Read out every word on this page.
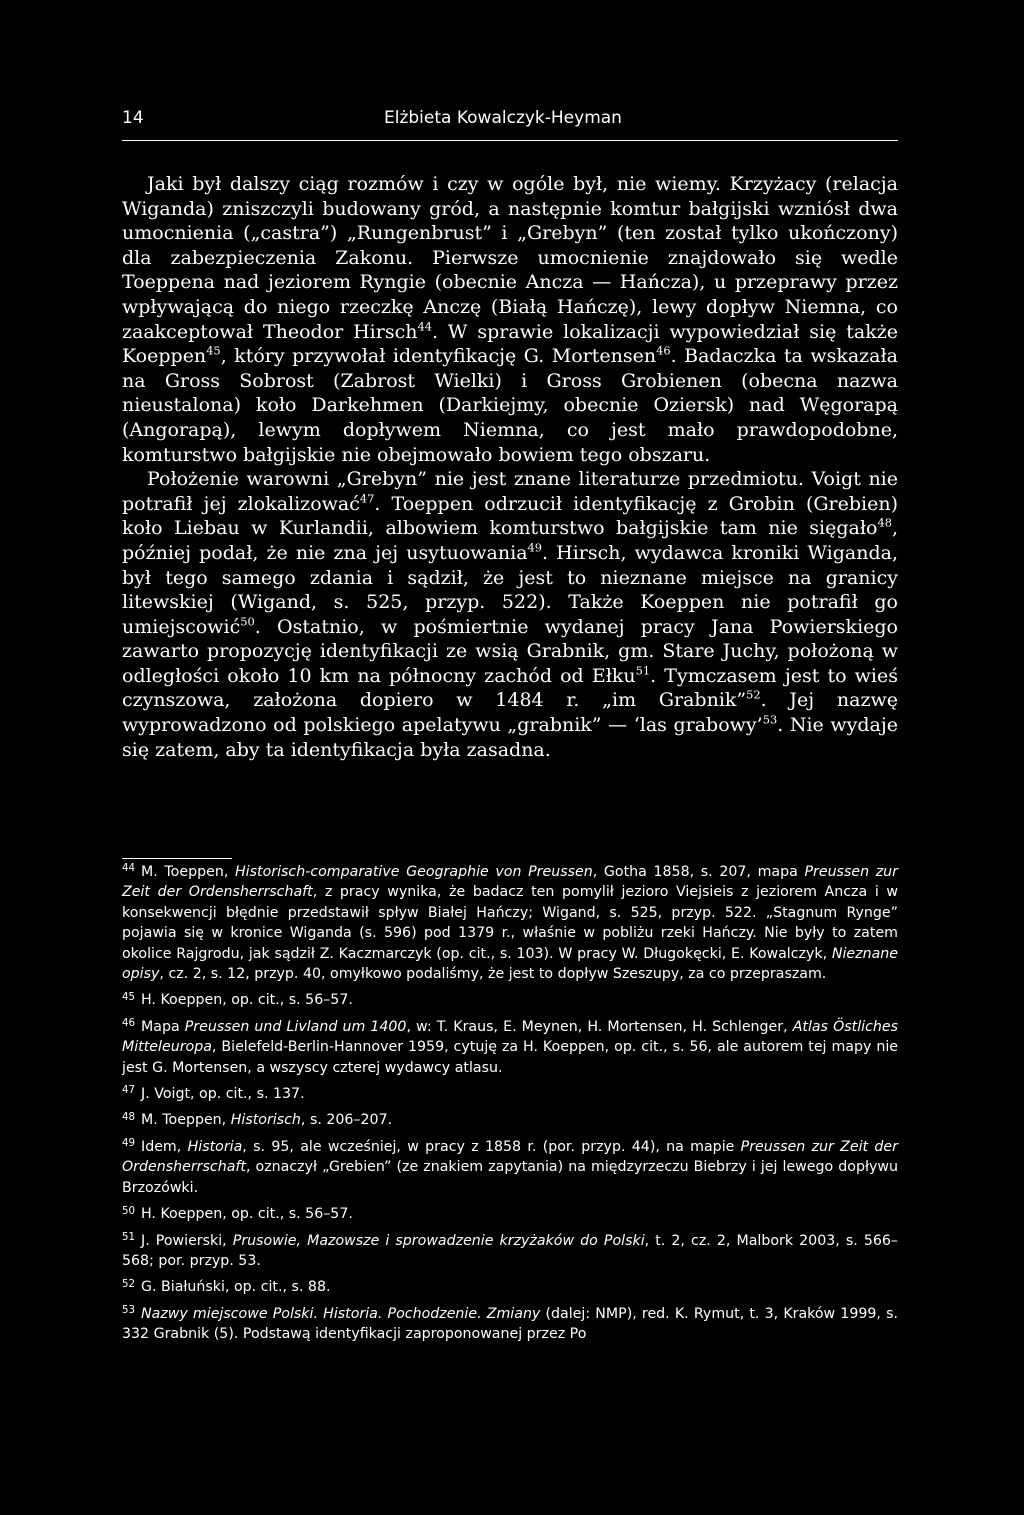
14	Elżbieta Kowalczyk-Heyman

Jaki był dalszy ciąg rozmów i czy w ogóle był, nie wiemy. Krzyżacy (relacja Wiganda) zniszczyli budowany gród, a następnie komtur bałgijski wzniósł dwa umocnienia („castra”) „Rungenbrust” i „Grebyn” (ten został tylko ukończony) dla zabezpieczenia Zakonu. Pierwsze umocnienie znajdowało się wedle Toeppena nad jeziorem Ryngie (obecnie Ancza — Hańcza), u przeprawy przez wpływającą do niego rzeczkę Anczę (Białą Hańczę), lewy dopływ Niemna, co zaakceptował Theodor Hirsch$^{44}$. W sprawie lokalizacji wypowiedział się także Koeppen$^{45}$, który przywołał identyfikację G. Mortensen$^{46}$. Badaczka ta wskazała na Gross Sobrost (Zabrost Wielki) i Gross Grobienen (obecna nazwa nieustalona) koło Darkehmen (Darkiejmy, obecnie Oziersk) nad Węgorapą (Angorapą), lewym dopływem Niemna, co jest mało prawdopodobne, komturstwo bałgijskie nie obejmowało bowiem tego obszaru.

Położenie warowni „Grebyn” nie jest znane literaturze przedmiotu. Voigt nie potrafił jej zlokalizować$^{47}$. Toeppen odrzucił identyfikację z Grobin (Grebien) koło Liebau w Kurlandii, albowiem komturstwo bałgijskie tam nie sięgało$^{48}$, później podał, że nie zna jej usytuowania$^{49}$. Hirsch, wydawca kroniki Wiganda, był tego samego zdania i sądził, że jest to nieznane miejsce na granicy litewskiej (Wigand, s. 525, przyp. 522). Także Koeppen nie potrafił go umiejscowić$^{50}$. Ostatnio, w pośmiertnie wydanej pracy Jana Powierskiego zawarto propozycję identyfikacji ze wsią Grabnik, gm. Stare Juchy, położoną w odległości około 10 km na północny zachód od Ełku$^{51}$. Tymczasem jest to wieś czynszowa, założona dopiero w 1484 r. „im Grabnik”$^{52}$. Jej nazwę wyprowadzono od polskiego apelatywu „grabnik” — ‘las grabowy’$^{53}$. Nie wydaje się zatem, aby ta identyfikacja była zasadna.

$^{44}$ M. Toeppen, Historisch-comparative Geographie von Preussen, Gotha 1858, s. 207, mapa Preussen zur Zeit der Ordensherrschaft, z pracy wynika, że badacz ten pomylił jezioro Viejsieis z jeziorem Ancza i w konsekwencji błędnie przedstawił spływ Białej Hańczy; Wigand, s. 525, przyp. 522. „Stagnum Rynge” pojawia się w kronice Wiganda (s. 596) pod 1379 r., właśnie w pobliżu rzeki Hańczy. Nie były to zatem okolice Rajgrodu, jak sądził Z. Kaczmarczyk (op. cit., s. 103). W pracy W. Długokęcki, E. Kowalczyk, Nieznane opisy, cz. 2, s. 12, przyp. 40, omyłkowo podaliśmy, że jest to dopływ Szeszupy, za co przepraszam.

$^{45}$ H. Koeppen, op. cit., s. 56–57.

$^{46}$ Mapa Preussen und Livland um 1400, w: T. Kraus, E. Meynen, H. Mortensen, H. Schlenger, Atlas Östliches Mitteleuropa, Bielefeld-Berlin-Hannover 1959, cytuję za H. Koeppen, op. cit., s. 56, ale autorem tej mapy nie jest G. Mortensen, a wszyscy czterej wydawcy atlasu.

$^{47}$ J. Voigt, op. cit., s. 137.

$^{48}$ M. Toeppen, Historisch, s. 206–207.

$^{49}$ Idem, Historia, s. 95, ale wcześniej, w pracy z 1858 r. (por. przyp. 44), na mapie Preussen zur Zeit der Ordensherrschaft, oznaczył „Grebien” (ze znakiem zapytania) na międzyrzeczu Biebrzy i jej lewego dopływu Brzozówki.

$^{50}$ H. Koeppen, op. cit., s. 56–57.

$^{51}$ J. Powierski, Prusowie, Mazowsze i sprowadzenie krzyżaków do Polski, t. 2, cz. 2, Malbork 2003, s. 566–568; por. przyp. 53.

$^{52}$ G. Białuński, op. cit., s. 88.

$^{53}$ Nazwy miejscowe Polski. Historia. Pochodzenie. Zmiany (dalej: NMP), red. K. Rymut, t. 3, Kraków 1999, s. 332 Grabnik (5). Podstawą identyfikacji zaproponowanej przez Po
